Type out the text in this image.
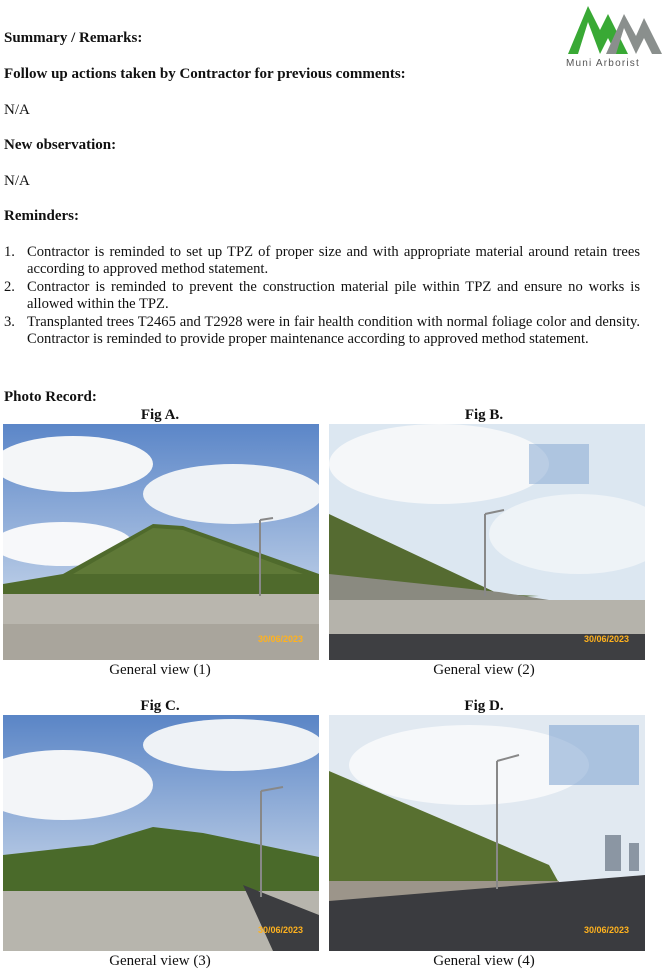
Muni Arborist
Summary / Remarks:
Follow up actions taken by Contractor for previous comments:
N/A
New observation:
N/A
Reminders:
1. Contractor is reminded to set up TPZ of proper size and with appropriate material around retain trees according to approved method statement.
2. Contractor is reminded to prevent the construction material pile within TPZ and ensure no works is allowed within the TPZ.
3. Transplanted trees T2465 and T2928 were in fair health condition with normal foliage color and density. Contractor is reminded to provide proper maintenance according to approved method statement.
Photo Record:
Fig A.
30/06/2023
General view (1)
Fig B.
30/06/2023
General view (2)
Fig C.
30/06/2023
General view (3)
Fig D.
30/06/2023
General view (4)
